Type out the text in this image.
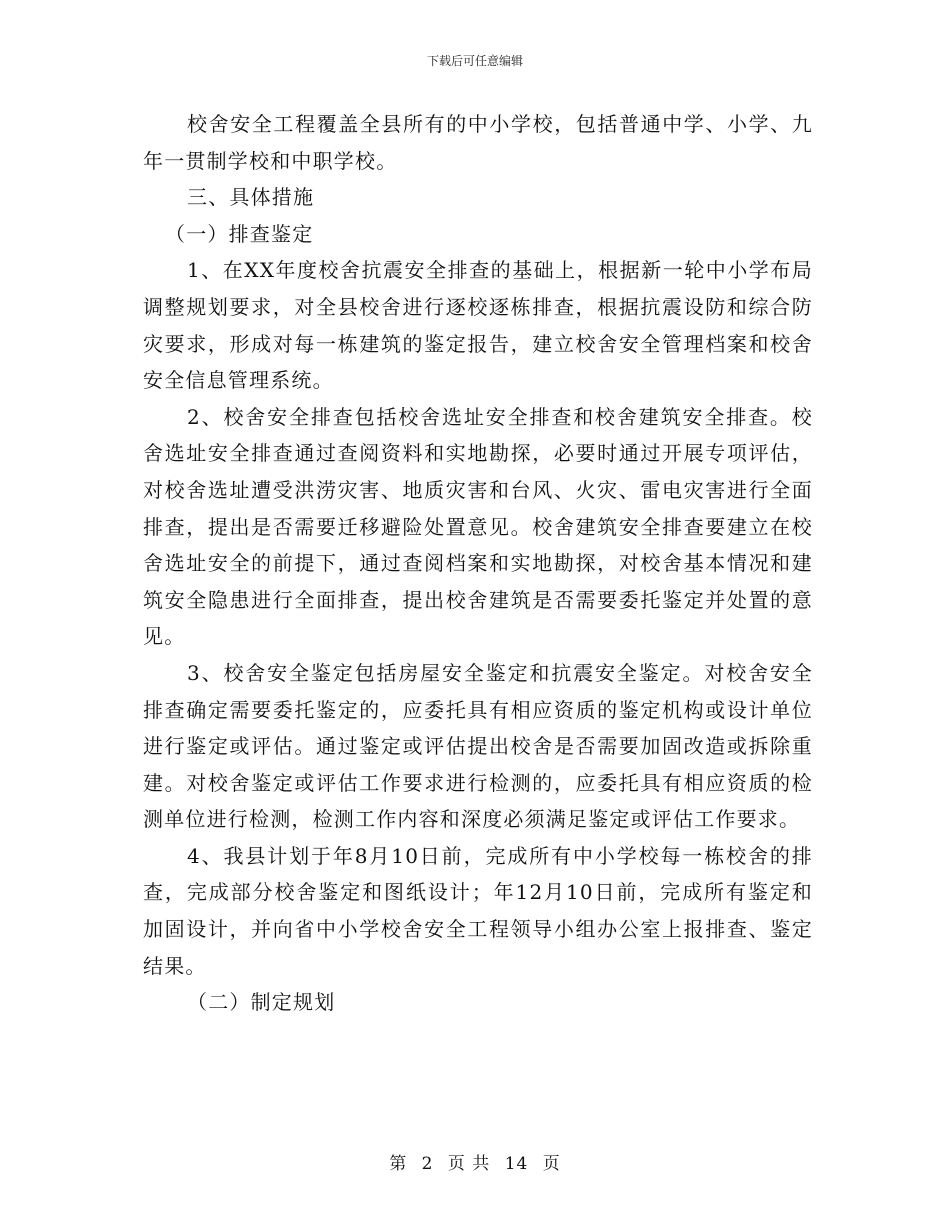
下载后可任意编辑

校舍安全工程覆盖全县所有的中小学校，包括普通中学、小学、九年一贯制学校和中职学校。

三、具体措施

（一）排查鉴定

1、在XX年度校舍抗震安全排查的基础上，根据新一轮中小学布局调整规划要求，对全县校舍进行逐校逐栋排查，根据抗震设防和综合防灾要求，形成对每一栋建筑的鉴定报告，建立校舍安全管理档案和校舍安全信息管理系统。

2、校舍安全排查包括校舍选址安全排查和校舍建筑安全排查。校舍选址安全排查通过查阅资料和实地勘探，必要时通过开展专项评估，对校舍选址遭受洪涝灾害、地质灾害和台风、火灾、雷电灾害进行全面排查，提出是否需要迁移避险处置意见。校舍建筑安全排查要建立在校舍选址安全的前提下，通过查阅档案和实地勘探，对校舍基本情况和建筑安全隐患进行全面排查，提出校舍建筑是否需要委托鉴定并处置的意见。

3、校舍安全鉴定包括房屋安全鉴定和抗震安全鉴定。对校舍安全排查确定需要委托鉴定的，应委托具有相应资质的鉴定机构或设计单位进行鉴定或评估。通过鉴定或评估提出校舍是否需要加固改造或拆除重建。对校舍鉴定或评估工作要求进行检测的，应委托具有相应资质的检测单位进行检测，检测工作内容和深度必须满足鉴定或评估工作要求。

4、我县计划于年8月10日前，完成所有中小学校每一栋校舍的排查，完成部分校舍鉴定和图纸设计；年12月10日前，完成所有鉴定和加固设计，并向省中小学校舍安全工程领导小组办公室上报排查、鉴定结果。

（二）制定规划

第 2 页 共 14 页
